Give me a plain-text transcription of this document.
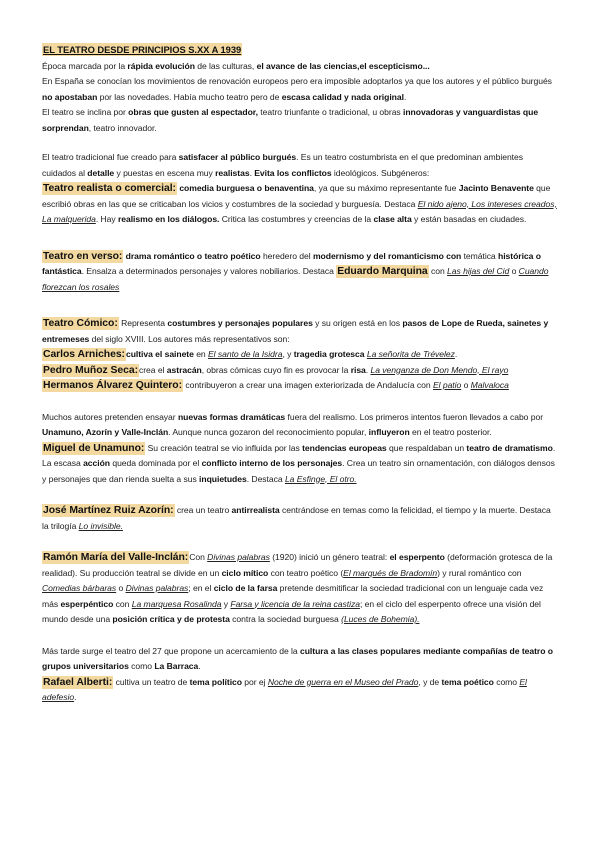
EL TEATRO DESDE PRINCIPIOS S.XX A 1939

Época marcada por la rápida evolución de las culturas, el avance de las ciencias,el escepticismo...
En España se conocían los movimientos de renovación europeos pero era imposible adoptarlos ya que los autores y el público burgués no apostaban por las novedades. Había mucho teatro pero de escasa calidad y nada original.
El teatro se inclina por obras que gusten al espectador, teatro triunfante o tradicional, u obras innovadoras y vanguardistas que sorprendan, teatro innovador.

El teatro tradicional fue creado para satisfacer al público burgués. Es un teatro costumbrista en el que predominan ambientes cuidados al detalle y puestas en escena muy realistas. Evita los conflictos ideológicos. Subgéneros:
Teatro realista o comercial: comedia burguesa o benaventina, ya que su máximo representante fue Jacinto Benavente que escribió obras en las que se criticaban los vicios y costumbres de la sociedad y burguesía. Destaca El nido ajeno, Los intereses creados, La malquerida. Hay realismo en los diálogos. Critica las costumbres y creencias de la clase alta y están basadas en ciudades.

Teatro en verso: drama romántico o teatro poético heredero del modernismo y del romanticismo con temática histórica o fantástica. Ensalza a determinados personajes y valores nobiliarios. Destaca Eduardo Marquina con Las hijas del Cid o Cuando florezcan los rosales

Teatro Cómico: Representa costumbres y personajes populares y su origen está en los pasos de Lope de Rueda, sainetes y entremeses del siglo XVIII. Los autores más representativos son:
Carlos Arniches:cultiva el sainete en El santo de la Isidra, y tragedia grotesca La señorita de Trévelez.
Pedro Muñoz Seca:crea el astracán, obras cómicas cuyo fin es provocar la risa. La venganza de Don Mendo, El rayo
Hermanos Álvarez Quintero: contribuyeron a crear una imagen exteriorizada de Andalucía con El patio o Malvaloca

Muchos autores pretenden ensayar nuevas formas dramáticas fuera del realismo. Los primeros intentos fueron llevados a cabo por Unamuno, Azorín y Valle-Inclán. Aunque nunca gozaron del reconocimiento popular, influyeron en el teatro posterior.
Miguel de Unamuno: Su creación teatral se vio influida por las tendencias europeas que respaldaban un teatro de dramatismo. La escasa acción queda dominada por el conflicto interno de los personajes. Crea un teatro sin ornamentación, con diálogos densos y personajes que dan rienda suelta a sus inquietudes. Destaca La Esfinge, El otro.

José Martínez Ruiz Azorín: crea un teatro antirrealista centrándose en temas como la felicidad, el tiempo y la muerte. Destaca la trilogía Lo invisible.

Ramón María del Valle-Inclán:Con Divinas palabras (1920) inició un género teatral: el esperpento (deformación grotesca de la realidad). Su producción teatral se divide en un ciclo mítico con teatro poético (El marqués de Bradomín) y rural romántico con Comedias bárbaras o Divinas palabras; en el ciclo de la farsa pretende desmitificar la sociedad tradicional con un lenguaje cada vez más esperpéntico con La marquesa Rosalinda y Farsa y licencia de la reina castiza; en el ciclo del esperpento ofrece una visión del mundo desde una posición crítica y de protesta contra la sociedad burguesa (Luces de Bohemia).

Más tarde surge el teatro del 27 que propone un acercamiento de la cultura a las clases populares mediante compañías de teatro o grupos universitarios como La Barraca.
Rafael Alberti: cultiva un teatro de tema político por ej Noche de guerra en el Museo del Prado, y de tema poético como El adefesio.
